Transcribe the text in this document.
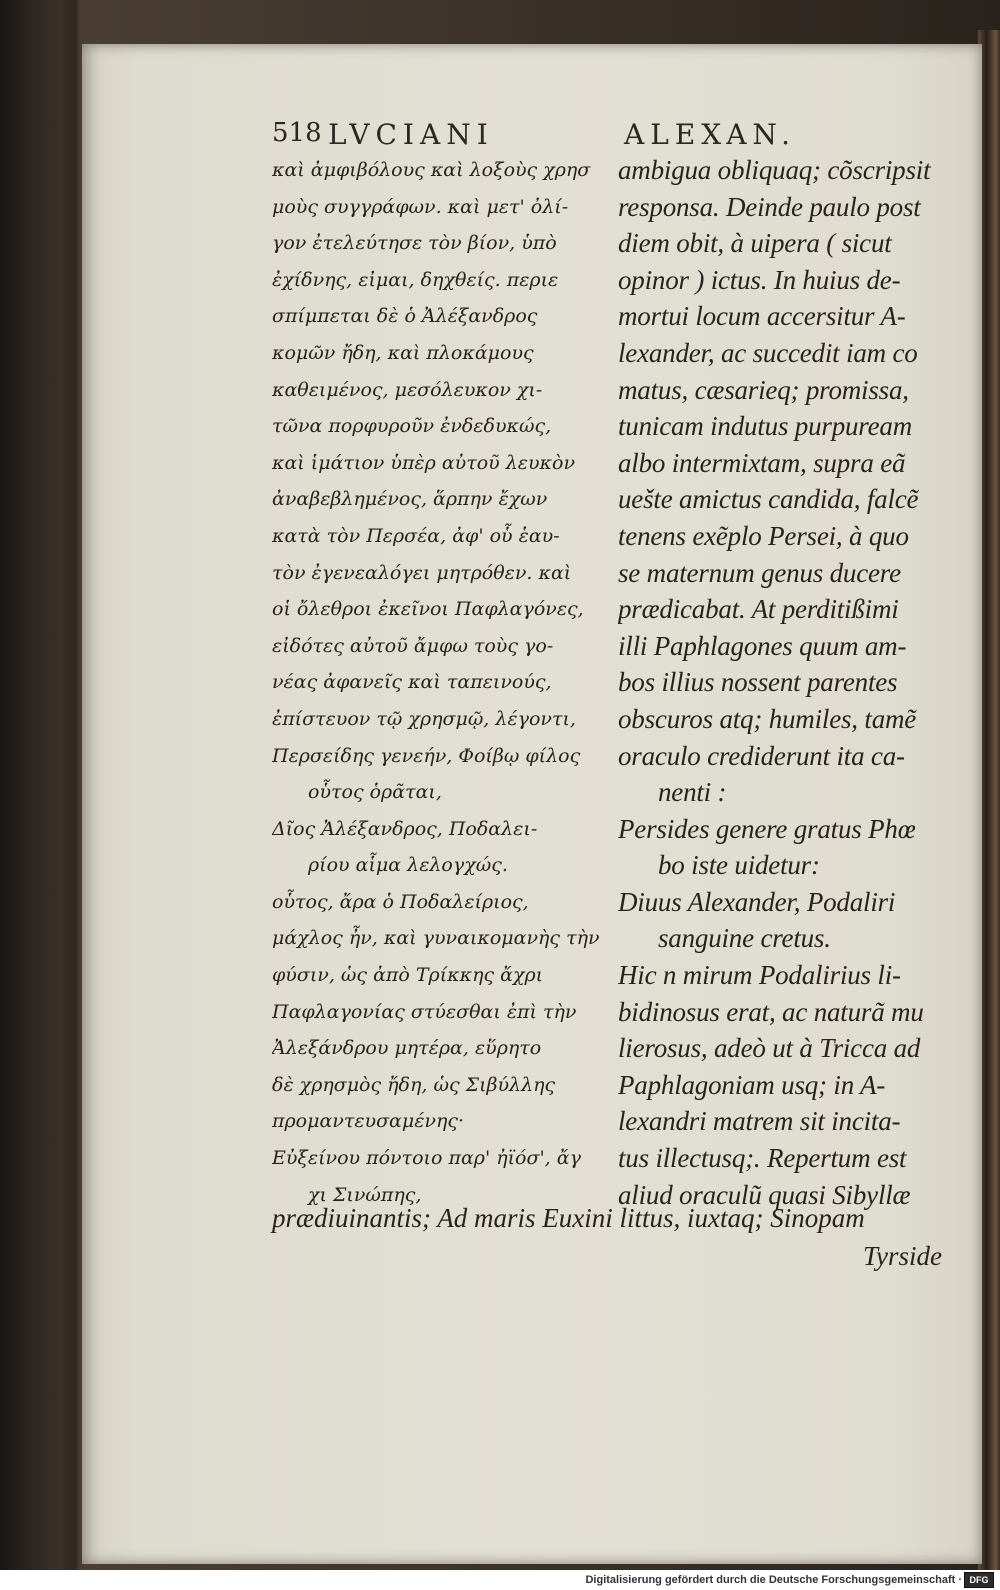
518 LVCIANI	ALEXAN.
καὶ ἀμφιβόλους καὶ λοξοὺς χρησ
μοὺς συγγράφων. καὶ μετ' ὀλί-
γον ἐτελεύτησε τὸν βίον, ὑπὸ
ἐχίδνης, εἰμαι, δηχθείς. περιε
σπίμπεται δὲ ὁ Ἀλέξανδρος
κομῶν ἤδη, καὶ πλοκάμους
καθειμένος, μεσόλευκον χι-
τῶνα πορφυροῦν ἐνδεδυκώς,
καὶ ἱμάτιον ὑπὲρ αὐτοῦ λευκὸν
ἀναβεβλημένος, ἅρπην ἔχων
κατὰ τὸν Περσέα, ἀφ' οὗ ἑαυ-
τὸν ἐγενεαλόγει μητρόθεν. καὶ
οἱ ὄλεθροι ἐκεῖνοι Παφλαγόνες,
εἰδότες αὐτοῦ ἄμφω τοὺς γο-
νέας ἀφανεῖς καὶ ταπεινούς,
ἐπίστευον τῷ χρησμῷ, λέγοντι,
Περσείδης γενεήν, Φοίβῳ φίλος
οὗτος ὁρᾶται,
Δῖος Ἀλέξανδρος, Ποδαλει-
ρίου αἷμα λελογχώς.
οὗτος, ἄρα ὁ Ποδαλείριος,
μάχλος ἦν, καὶ γυναικομανὴς τὴν
φύσιν, ὡς ἀπὸ Τρίκκης ἄχρι
Παφλαγονίας στύεσθαι ἐπὶ τὴν
Ἀλεξάνδρου μητέρα, εὕρητο
δὲ χρησμὸς ἤδη, ὡς Σιβύλλης
προμαντευσαμένης·
Εὐξείνου πόντοιο παρ' ἠϊόσ', ἄγ
χι Σινώπης,
ambigua obliquaq; cõscripsit
responsa. Deinde paulo post
diem obit, à uipera ( sicut
opinor ) ictus. In huius de-
mortui locum accersitur A-
lexander, ac succedit iam co
matus, cæsarieq; promissa,
tunicam indutus purpuream
albo intermixtam, supra eã
uešte amictus candida, falcẽ
tenens exẽplo Persei, à quo
se maternum genus ducere
prædicabat. At perditißimi
illi Paphlagones quum am-
bos illius nossent parentes
obscuros atq; humiles, tamẽ
oraculo crediderunt ita ca-
nenti :
Persides genere gratus Phœ
bo iste uidetur:
Diuus Alexander, Podaliri
sanguine cretus.
Hic n mirum Podalirius li-
bidinosus erat, ac naturã mu
lierosus, adeò ut à Tricca ad
Paphlagoniam usq; in A-
lexandri matrem sit incita-
tus illectusq;. Repertum est
aliud oraculũ quasi Sibyllæ
prædiuinantis; Ad maris Euxini littus, iuxtaq; Sinopam
Tyrside
Digitalisierung gefördert durch die Deutsche Forschungsgemeinschaft · DFG
